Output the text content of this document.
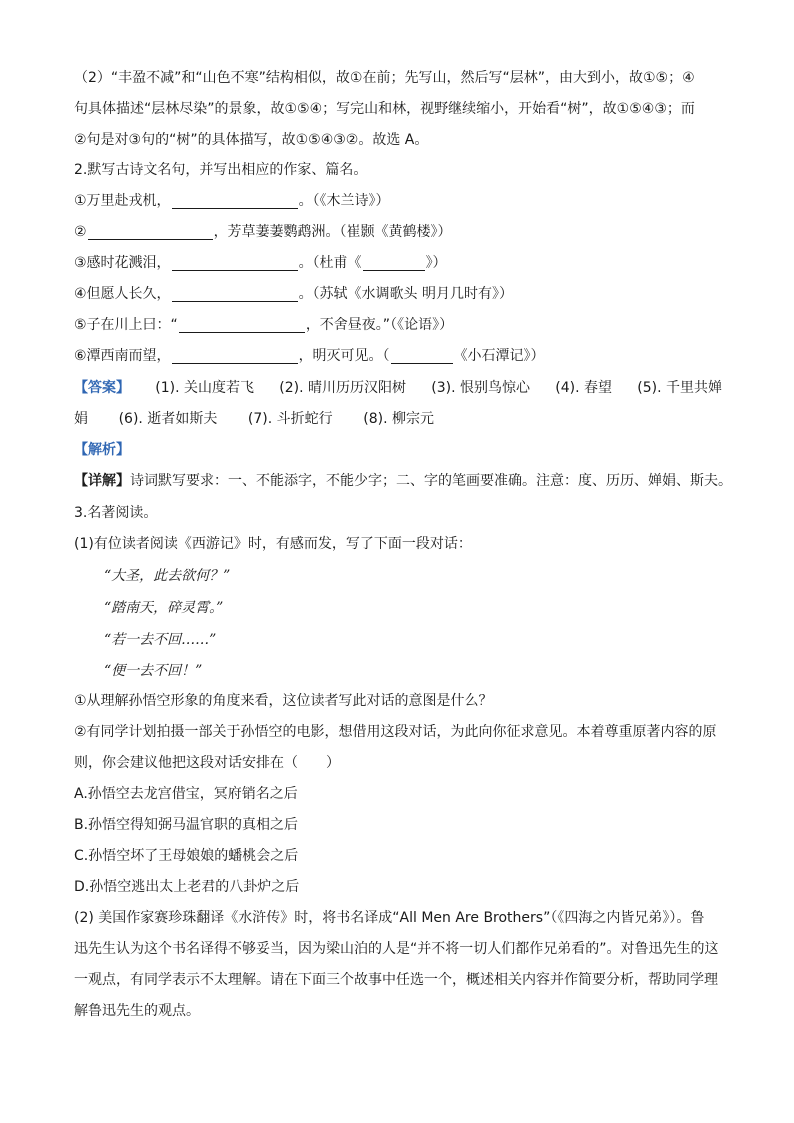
（2）“丰盈不减”和“山色不寒”结构相似，故①在前；先写山，然后写“层林”，由大到小，故①⑤；④
句具体描述“层林尽染”的景象，故①⑤④；写完山和林，视野继续缩小，开始看“树”，故①⑤④③；而
②句是对③句的“树”的具体描写，故①⑤④③②。故选 A。
2.默写古诗文名句，并写出相应的作家、篇名。
①万里赴戎机，	。（《木兰诗》）
②	，芳草萋萋鹦鹉洲。（崔颢《黄鹤楼》）
③感时花溅泪，	。（杜甫《	》）
④但愿人长久，	。（苏轼《水调歌头 明月几时有》）
⑤子在川上曰：“	，不舍昼夜。”（《论语》）
⑥潭西南而望，	，明灭可见。（	《小石潭记》）
【答案】 (1). 关山度若飞 (2). 晴川历历汉阳树 (3). 恨别鸟惊心 (4). 春望 (5). 千里共婵
娟 (6). 逝者如斯夫 (7). 斗折蛇行 (8). 柳宗元
【解析】
【详解】 诗词默写要求：一、不能添字，不能少字；二、字的笔画要准确。注意：度、历历、婵娟、斯夫。
3.名著阅读。
(1)有位读者阅读《西游记》时，有感而发，写了下面一段对话：
“大圣，此去欲何？”
“踏南天，碎灵霄。”
“若一去不回……”
“便一去不回！”
①从理解孙悟空形象的角度来看，这位读者写此对话的意图是什么？
②有同学计划拍摄一部关于孙悟空的电影，想借用这段对话，为此向你征求意见。本着尊重原著内容的原
则，你会建议他把这段对话安排在（　　）
A.孙悟空去龙宫借宝，冥府销名之后
B.孙悟空得知弼马温官职的真相之后
C.孙悟空坏了王母娘娘的蟠桃会之后
D.孙悟空逃出太上老君的八卦炉之后
(2) 美国作家赛珍珠翻译《水浒传》时，将书名译成“All Men Are Brothers”（《四海之内皆兄弟》）。鲁
迅先生认为这个书名译得不够妥当，因为梁山泊的人是“并不将一切人们都作兄弟看的”。对鲁迅先生的这
一观点，有同学表示不太理解。请在下面三个故事中任选一个，概述相关内容并作简要分析，帮助同学理
解鲁迅先生的观点。
